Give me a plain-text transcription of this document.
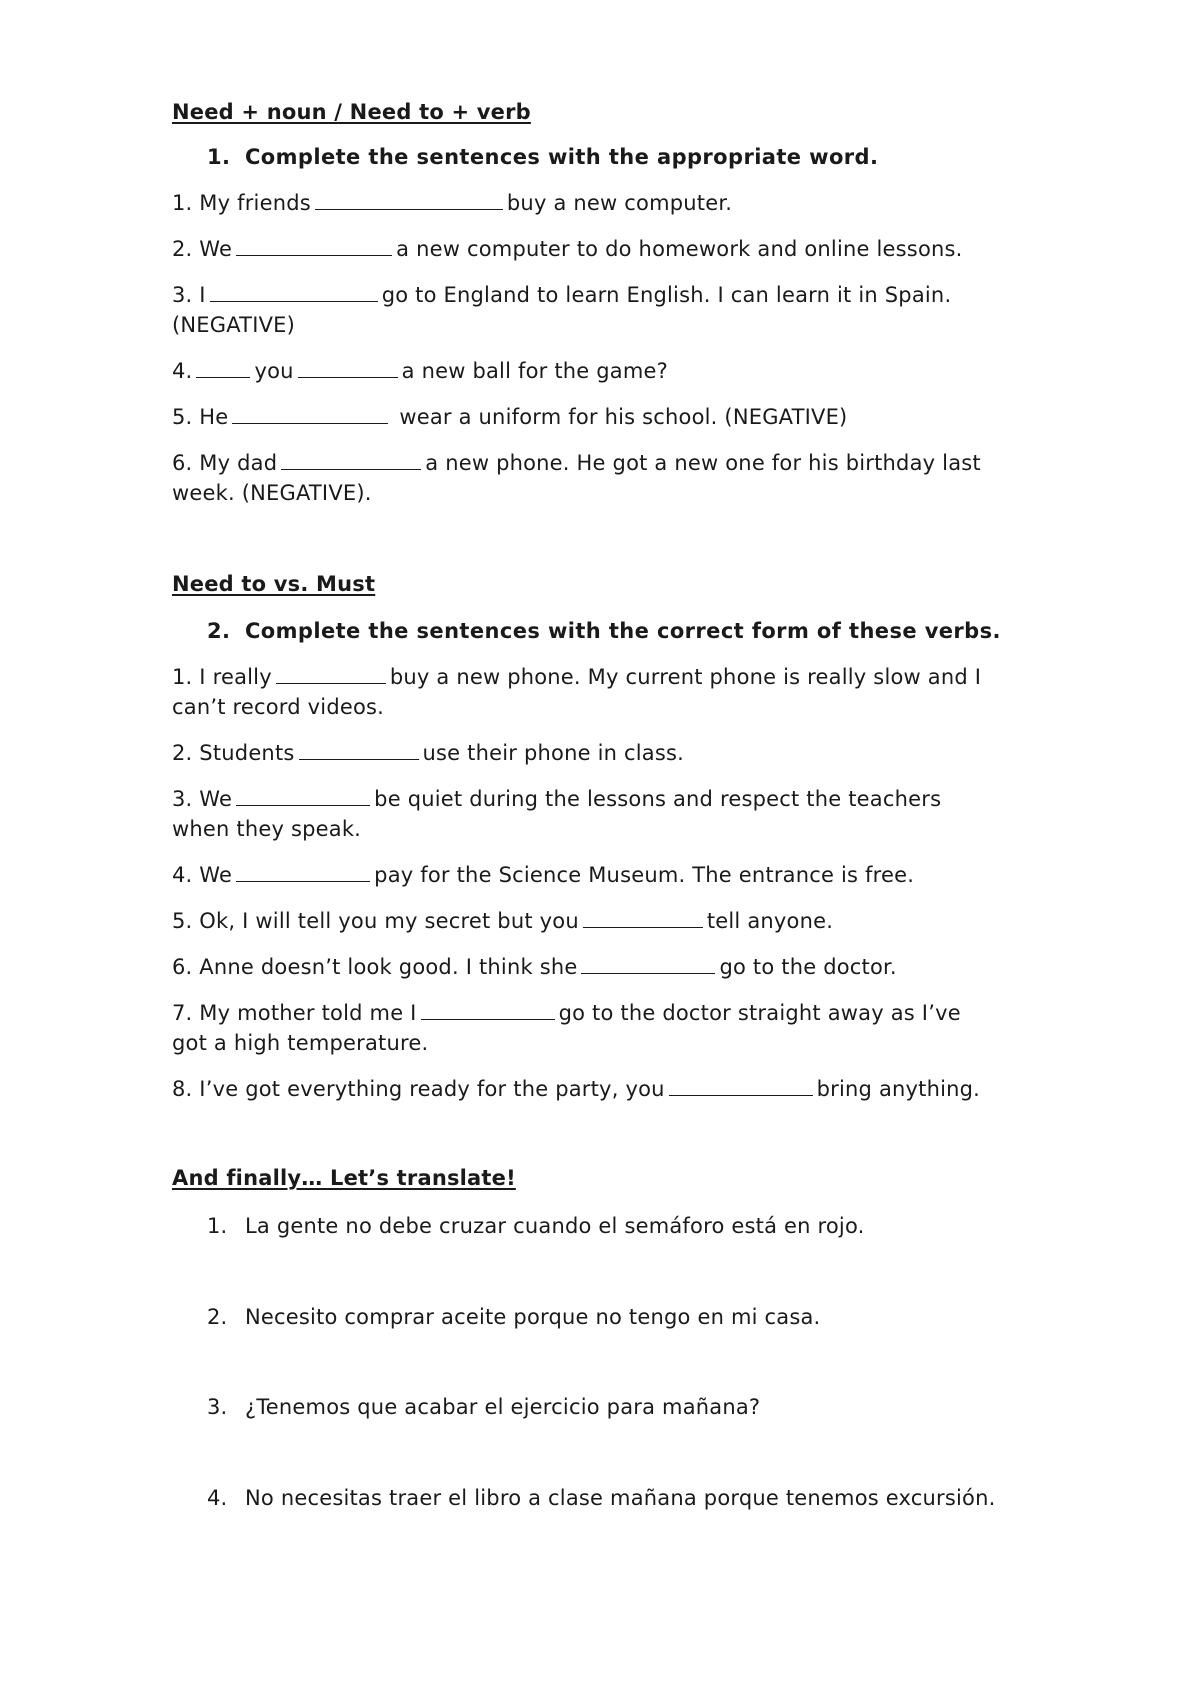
Need + noun / Need to + verb
1. Complete the sentences with the appropriate word.
1. My friends	buy a new computer.
2. We	a new computer to do homework and online lessons.
3. I	go to England to learn English. I can learn it in Spain.
(NEGATIVE)
4.	you	a new ball for the game?
5. He	wear a uniform for his school. (NEGATIVE)
6. My dad	a new phone. He got a new one for his birthday last
week. (NEGATIVE).
Need to vs. Must
2. Complete the sentences with the correct form of these verbs.
1. I really	buy a new phone. My current phone is really slow and I
can’t record videos.
2. Students	use their phone in class.
3. We	be quiet during the lessons and respect the teachers
when they speak.
4. We	pay for the Science Museum. The entrance is free.
5. Ok, I will tell you my secret but you	tell anyone.
6. Anne doesn’t look good. I think she	go to the doctor.
7. My mother told me I	go to the doctor straight away as I’ve
got a high temperature.
8. I’ve got everything ready for the party, you	bring anything.
And finally… Let’s translate!
1. La gente no debe cruzar cuando el semáforo está en rojo.
2. Necesito comprar aceite porque no tengo en mi casa.
3. ¿Tenemos que acabar el ejercicio para mañana?
4. No necesitas traer el libro a clase mañana porque tenemos excursión.
